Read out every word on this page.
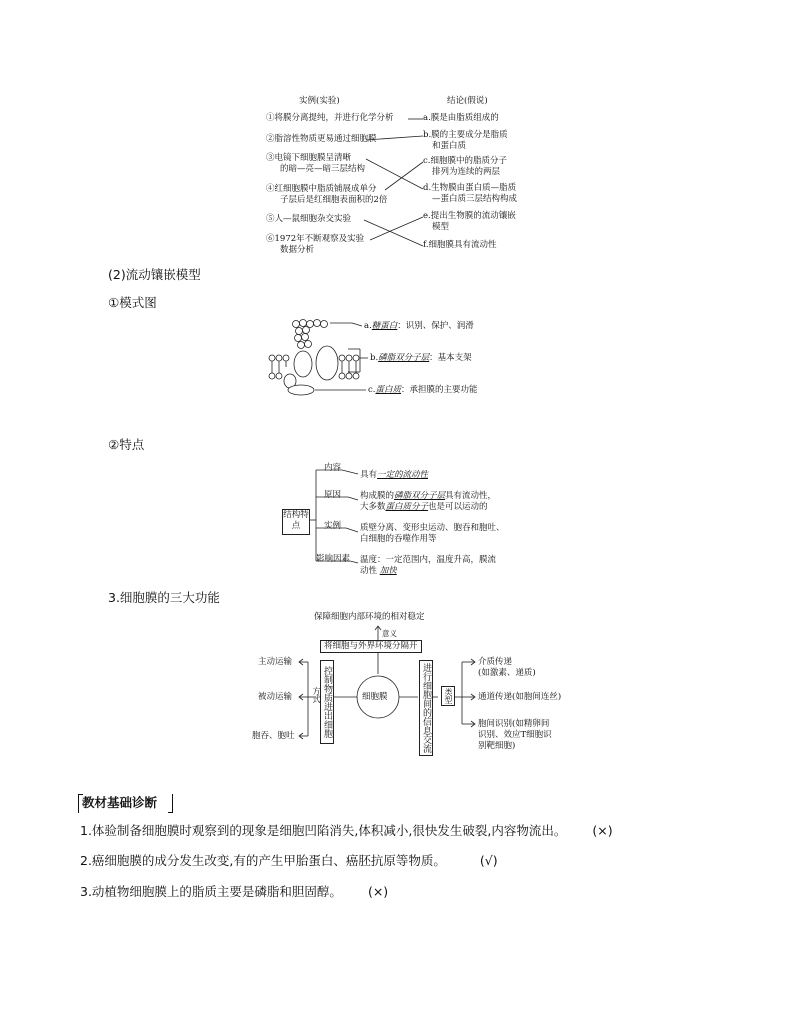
实例(实验)	结论(假说)
①将膜分离提纯，并进行化学分析
②脂溶性物质更易通过细胞膜
③电镜下细胞膜呈清晰
的暗—亮—暗三层结构
④红细胞膜中脂质铺展成单分
子层后是红细胞表面积的2倍
⑤人—鼠细胞杂交实验
⑥1972年不断观察及实验
数据分析
a.膜是由脂质组成的
b.膜的主要成分是脂质
和蛋白质
c.细胞膜中的脂质分子
排列为连续的两层
d.生物膜由蛋白质—脂质
—蛋白质三层结构构成
e.提出生物膜的流动镶嵌
模型
f.细胞膜具有流动性
(2)流动镶嵌模型
①模式图
a.糖蛋白：识别、保护、润滑
b.磷脂双分子层：基本支架
c.蛋白质：承担膜的主要功能
②特点
结构特点
内容
原因
实例
影响因素
具有一定的流动性
构成膜的磷脂双分子层具有流动性，
大多数蛋白质分子也是可以运动的
质壁分离、变形虫运动、胞吞和胞吐、
白细胞的吞噬作用等
温度：一定范围内，温度升高，膜流
动性 加快
3.细胞膜的三大功能
保障细胞内部环境的相对稳定
意义
将细胞与外界环境分隔开
细胞膜
主动运输
被动运输
胞吞、胞吐
方式 控制物质进出细胞	进行细胞间的信息交流	类型
介质传递
(如激素、递质)
通道传递(如胞间连丝)
胞间识别(如精卵间
识别、效应T细胞识
别靶细胞)
教材基础诊断
1.体验制备细胞膜时观察到的现象是细胞凹陷消失,体积减小,很快发生破裂,内容物流出。 (×)
2.癌细胞膜的成分发生改变,有的产生甲胎蛋白、癌胚抗原等物质。	(√)
3.动植物细胞膜上的脂质主要是磷脂和胆固醇。 (×)
